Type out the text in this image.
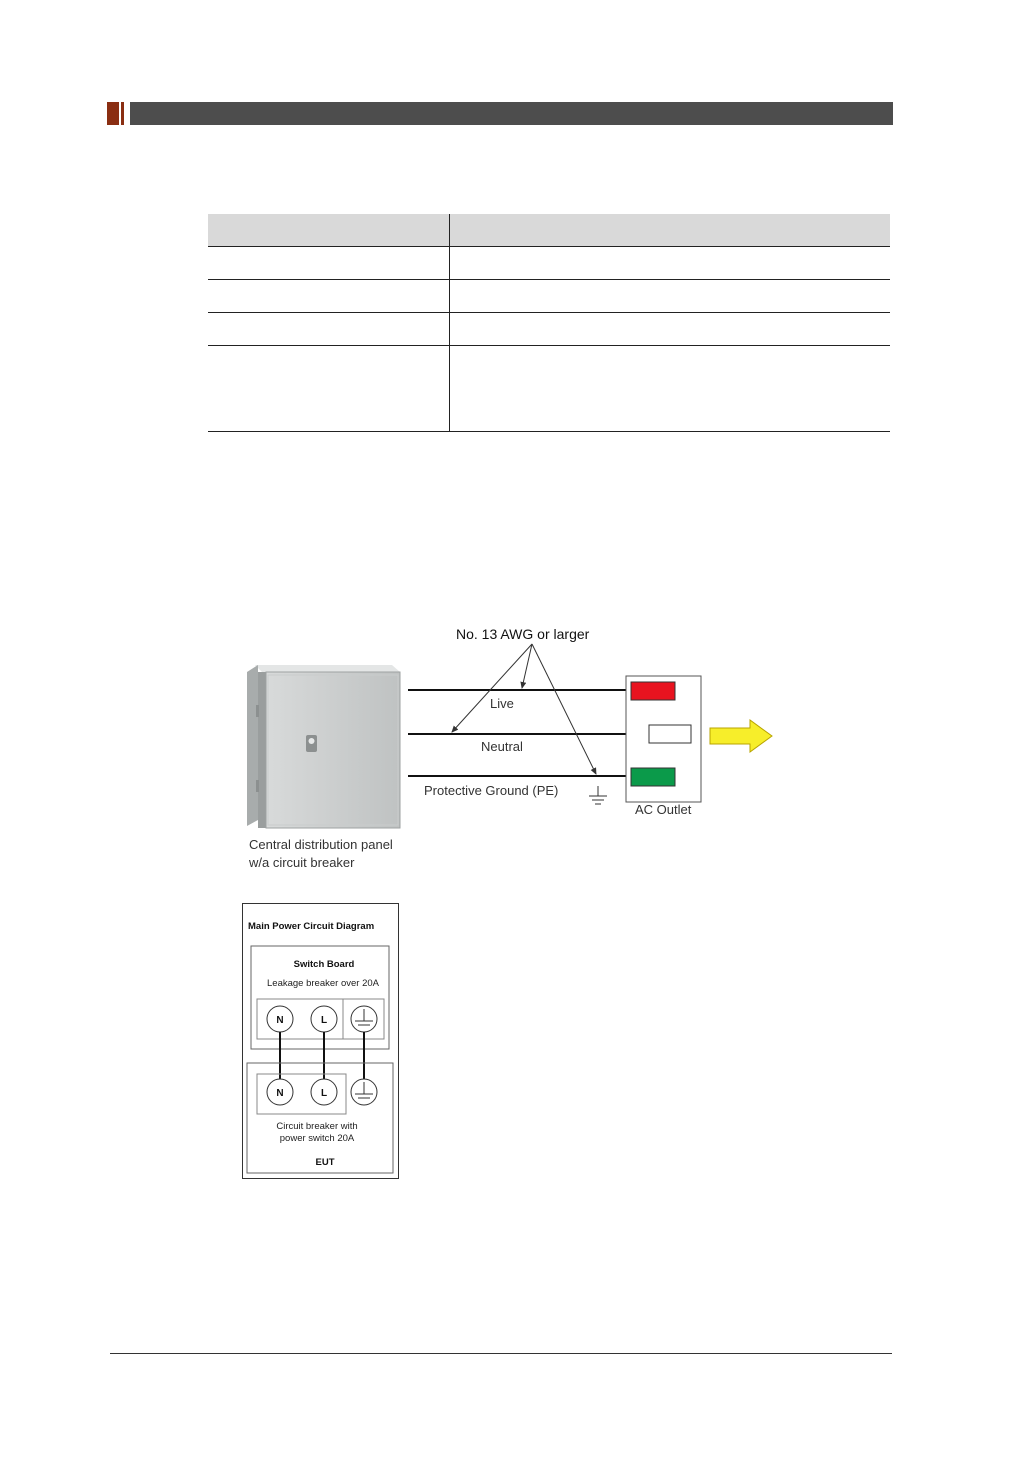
No. 13 AWG or larger
Live
Neutral
Protective Ground (PE)
AC Outlet
Central distribution panel
w/a circuit breaker
Main Power Circuit Diagram
Switch Board
Leakage breaker over 20A
N	L
N	L
Circuit breaker with
power switch 20A
EUT
